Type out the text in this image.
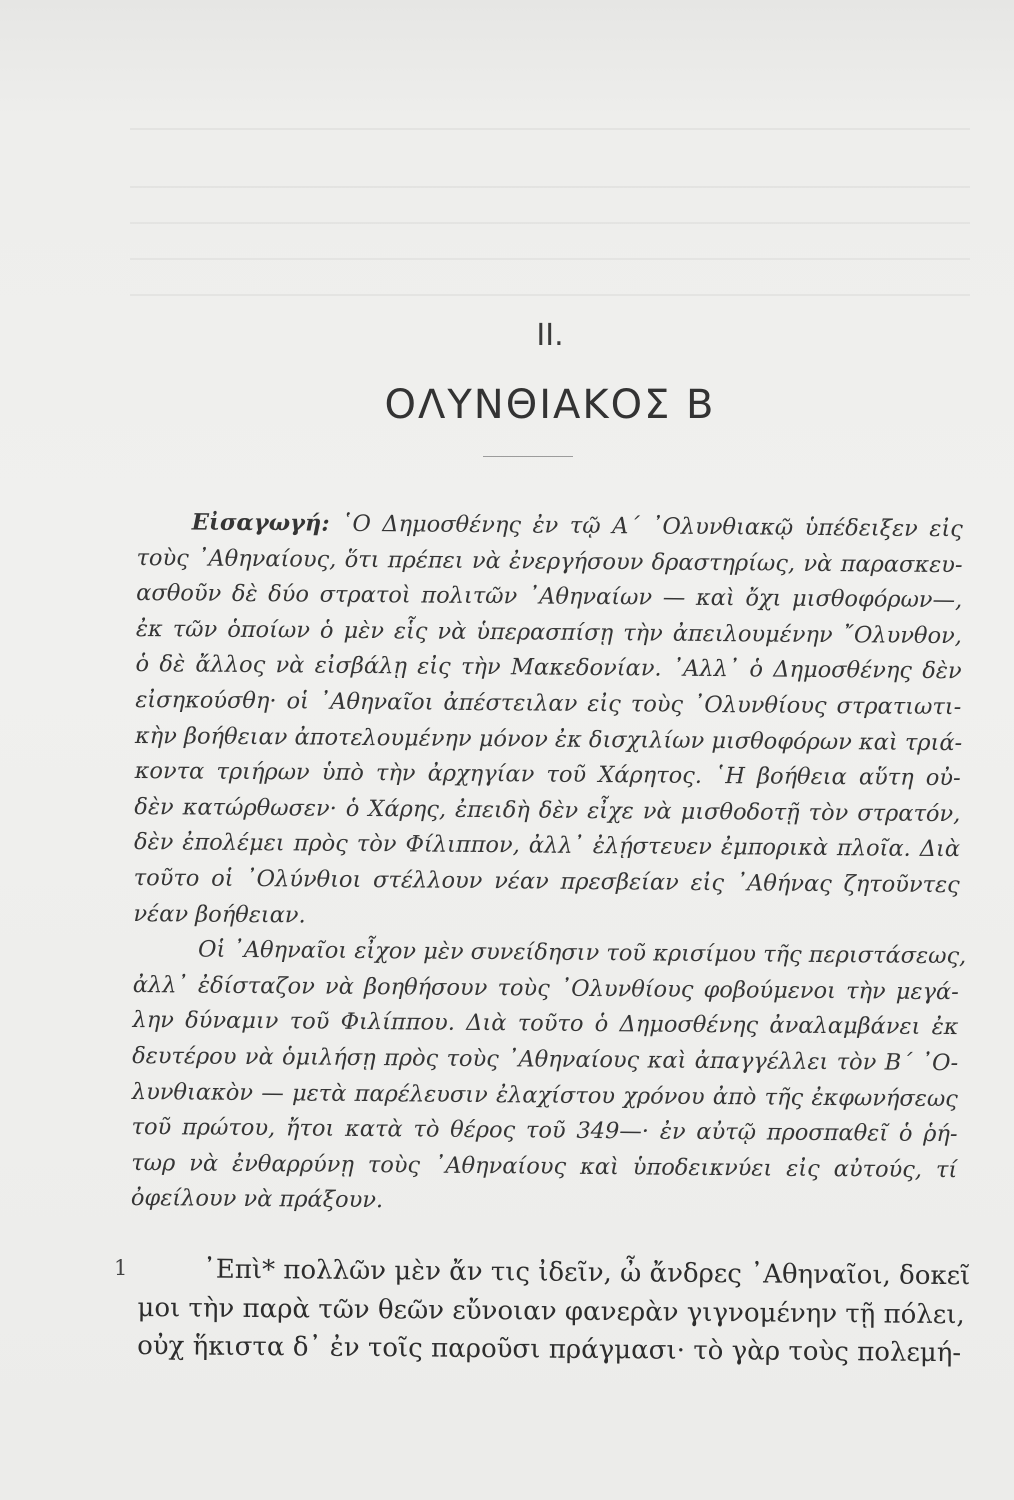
II.
ΟΛΥΝΘΙΑΚΟΣ Β
Εἰσαγωγή: ῾Ο Δημοσθένης ἐν τῷ Α΄ ᾿Ολυνθιακῷ ὑπέδειξεν εἰς
τοὺς ᾿Αθηναίους, ὅτι πρέπει νὰ ἐνεργήσουν δραστηρίως, νὰ παρασκευ-
ασθοῦν δὲ δύο στρατοὶ πολιτῶν ᾿Αθηναίων — καὶ ὄχι μισθοφόρων—,
ἐκ τῶν ὁποίων ὁ μὲν εἷς νὰ ὑπερασπίσῃ τὴν ἀπειλουμένην ῎Ολυνθον,
ὁ δὲ ἄλλος νὰ εἰσβάλῃ εἰς τὴν Μακεδονίαν. ᾿Αλλ᾽ ὁ Δημοσθένης δὲν
εἰσηκούσθη· οἱ ᾿Αθηναῖοι ἀπέστειλαν εἰς τοὺς ᾿Ολυνθίους στρατιωτι-
κὴν βοήθειαν ἀποτελουμένην μόνον ἐκ δισχιλίων μισθοφόρων καὶ τριά-
κοντα τριήρων ὑπὸ τὴν ἀρχηγίαν τοῦ Χάρητος. ῾Η βοήθεια αὕτη οὐ-
δὲν κατώρθωσεν· ὁ Χάρης, ἐπειδὴ δὲν εἶχε νὰ μισθοδοτῇ τὸν στρατόν,
δὲν ἐπολέμει πρὸς τὸν Φίλιππον, ἀλλ᾽ ἐλῄστευεν ἐμπορικὰ πλοῖα. Διὰ
τοῦτο οἱ ᾿Ολύνθιοι στέλλουν νέαν πρεσβείαν εἰς ᾿Αθήνας ζητοῦντες
νέαν βοήθειαν.
Οἱ ᾿Αθηναῖοι εἶχον μὲν συνείδησιν τοῦ κρισίμου τῆς περιστάσεως,
ἀλλ᾽ ἐδίσταζον νὰ βοηθήσουν τοὺς ᾿Ολυνθίους φοβούμενοι τὴν μεγά-
λην δύναμιν τοῦ Φιλίππου. Διὰ τοῦτο ὁ Δημοσθένης ἀναλαμβάνει ἐκ
δευτέρου νὰ ὁμιλήσῃ πρὸς τοὺς ᾿Αθηναίους καὶ ἀπαγγέλλει τὸν Β΄ ᾿Ο-
λυνθιακὸν — μετὰ παρέλευσιν ἐλαχίστου χρόνου ἀπὸ τῆς ἐκφωνήσεως
τοῦ πρώτου, ἤτοι κατὰ τὸ θέρος τοῦ 349—· ἐν αὐτῷ προσπαθεῖ ὁ ῥή-
τωρ νὰ ἐνθαρρύνῃ τοὺς ᾿Αθηναίους καὶ ὑποδεικνύει εἰς αὐτούς, τί
ὀφείλουν νὰ πράξουν.
1	᾿Επὶ* πολλῶν μὲν ἄν τις ἰδεῖν, ὦ ἄνδρες ᾿Αθηναῖοι, δοκεῖ
μοι τὴν παρὰ τῶν θεῶν εὔνοιαν φανερὰν γιγνομένην τῇ πόλει,
οὐχ ἥκιστα δ᾽ ἐν τοῖς παροῦσι πράγμασι· τὸ γὰρ τοὺς πολεμή-
